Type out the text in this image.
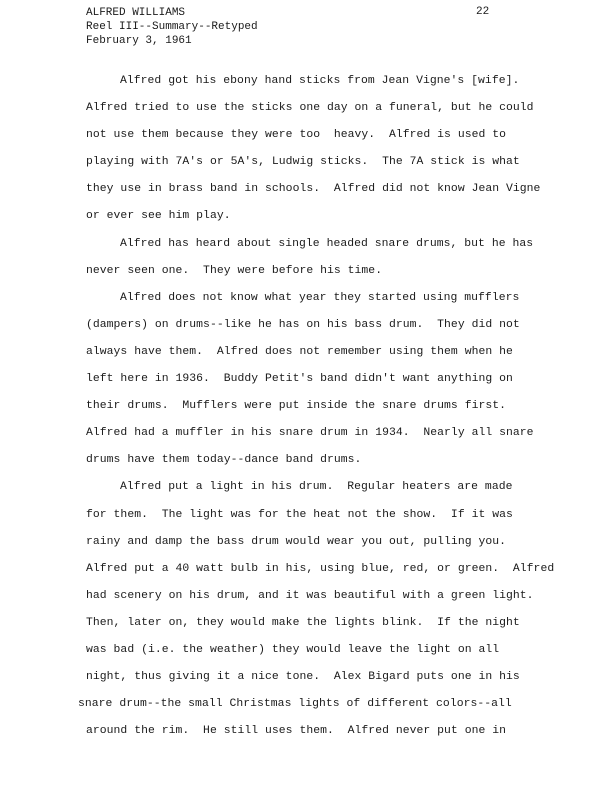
ALFRED WILLIAMS
Reel III--Summary--Retyped
February 3, 1961
22
Alfred got his ebony hand sticks from Jean Vigne's [wife].
Alfred tried to use the sticks one day on a funeral, but he could
not use them because they were too  heavy.  Alfred is used to
playing with 7A's or 5A's, Ludwig sticks.  The 7A stick is what
they use in brass band in schools.  Alfred did not know Jean Vigne
or ever see him play.
Alfred has heard about single headed snare drums, but he has
never seen one.  They were before his time.
Alfred does not know what year they started using mufflers
(dampers) on drums--like he has on his bass drum.  They did not
always have them.  Alfred does not remember using them when he
left here in 1936.  Buddy Petit's band didn't want anything on
their drums.  Mufflers were put inside the snare drums first.
Alfred had a muffler in his snare drum in 1934.  Nearly all snare
drums have them today--dance band drums.
Alfred put a light in his drum.  Regular heaters are made
for them.  The light was for the heat not the show.  If it was
rainy and damp the bass drum would wear you out, pulling you.
Alfred put a 40 watt bulb in his, using blue, red, or green.  Alfred
had scenery on his drum, and it was beautiful with a green light.
Then, later on, they would make the lights blink.  If the night
was bad (i.e. the weather) they would leave the light on all
night, thus giving it a nice tone.  Alex Bigard puts one in his
snare drum--the small Christmas lights of different colors--all
around the rim.  He still uses them.  Alfred never put one in
